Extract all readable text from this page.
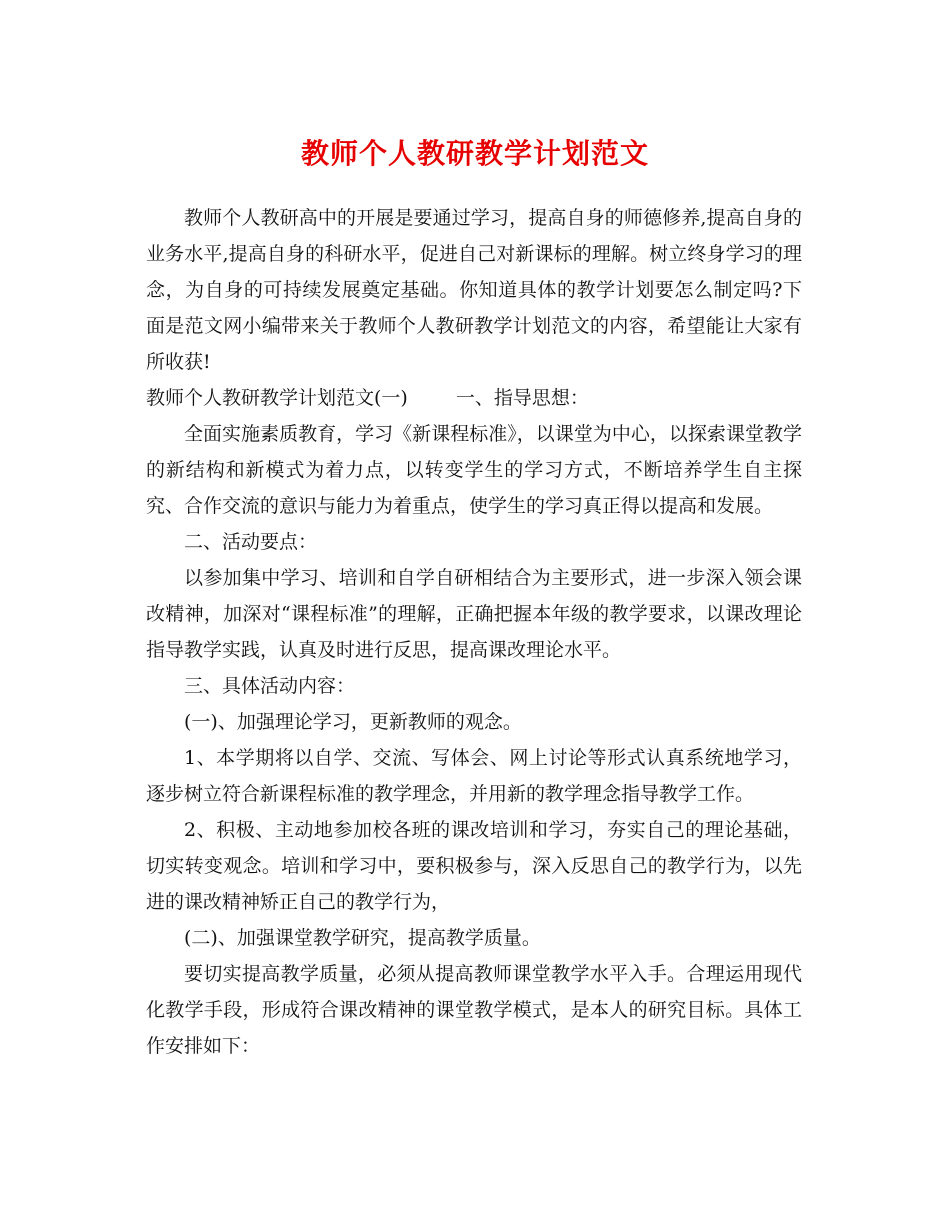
教师个人教研教学计划范文

教师个人教研高中的开展是要通过学习，提高自身的师德修养,提高自身的业务水平,提高自身的科研水平，促进自己对新课标的理解。树立终身学习的理念，为自身的可持续发展奠定基础。你知道具体的教学计划要怎么制定吗?下面是范文网小编带来关于教师个人教研教学计划范文的内容，希望能让大家有所收获!

教师个人教研教学计划范文(一)	一、指导思想：

全面实施素质教育，学习《新课程标准》，以课堂为中心，以探索课堂教学的新结构和新模式为着力点，以转变学生的学习方式，不断培养学生自主探究、合作交流的意识与能力为着重点，使学生的学习真正得以提高和发展。

二、活动要点：

以参加集中学习、培训和自学自研相结合为主要形式，进一步深入领会课改精神，加深对“课程标准”的理解，正确把握本年级的教学要求，以课改理论指导教学实践，认真及时进行反思，提高课改理论水平。

三、具体活动内容：

(一)、加强理论学习，更新教师的观念。

1、本学期将以自学、交流、写体会、网上讨论等形式认真系统地学习，逐步树立符合新课程标准的教学理念，并用新的教学理念指导教学工作。

2、积极、主动地参加校各班的课改培训和学习，夯实自己的理论基础，切实转变观念。培训和学习中，要积极参与，深入反思自己的教学行为，以先进的课改精神矫正自己的教学行为，

(二)、加强课堂教学研究，提高教学质量。

要切实提高教学质量，必须从提高教师课堂教学水平入手。合理运用现代化教学手段，形成符合课改精神的课堂教学模式，是本人的研究目标。具体工作安排如下：
